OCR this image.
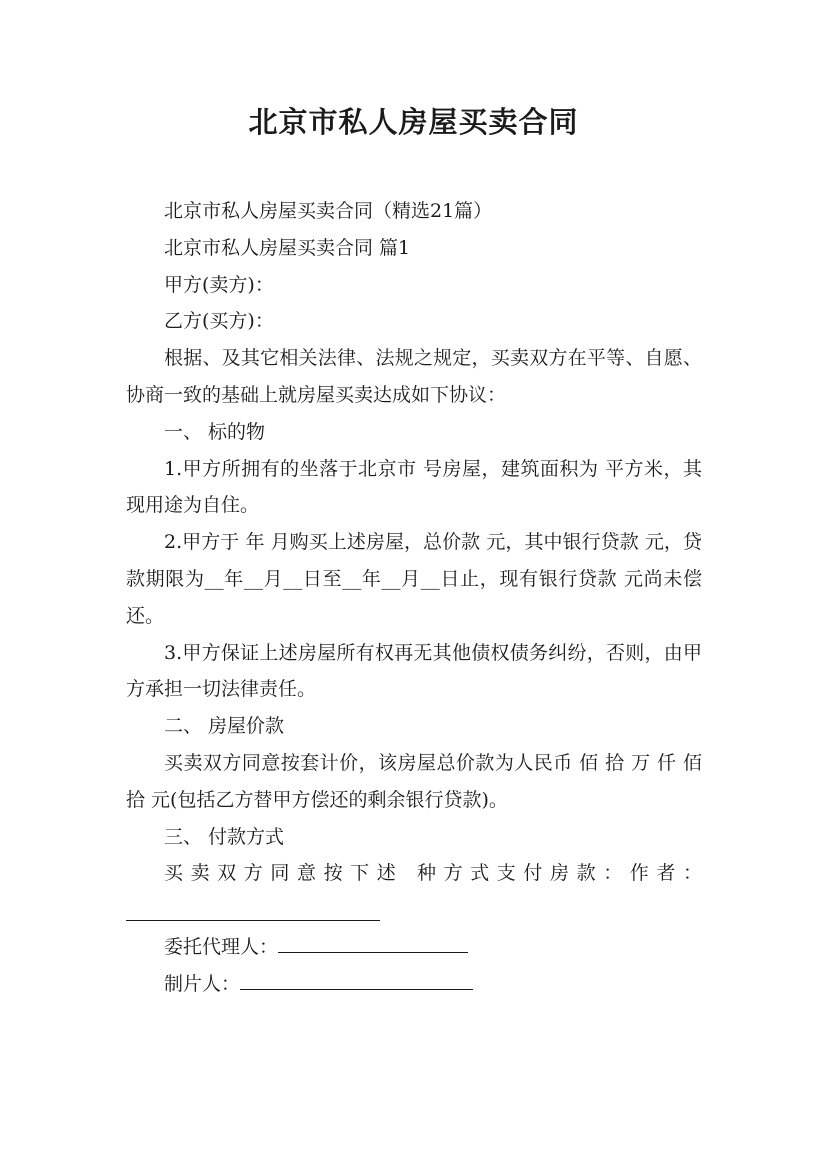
北京市私人房屋买卖合同

北京市私人房屋买卖合同（精选21篇）

北京市私人房屋买卖合同 篇1

甲方(卖方)：

乙方(买方)：

根据、及其它相关法律、法规之规定，买卖双方在平等、自愿、协商一致的基础上就房屋买卖达成如下协议：

一、 标的物

1.甲方所拥有的坐落于北京市 号房屋，建筑面积为 平方米，其现用途为自住。

2.甲方于 年 月购买上述房屋，总价款 元，其中银行贷款 元，贷款期限为__年__月__日至__年__月__日止，现有银行贷款 元尚未偿还。

3.甲方保证上述房屋所有权再无其他债权债务纠纷，否则，由甲方承担一切法律责任。

二、 房屋价款

买卖双方同意按套计价，该房屋总价款为人民币 佰 拾 万 仟 佰 拾 元(包括乙方替甲方偿还的剩余银行贷款)。

三、 付款方式

买卖双方同意按下述 种方式支付房款：作者：

委托代理人：

制片人：
